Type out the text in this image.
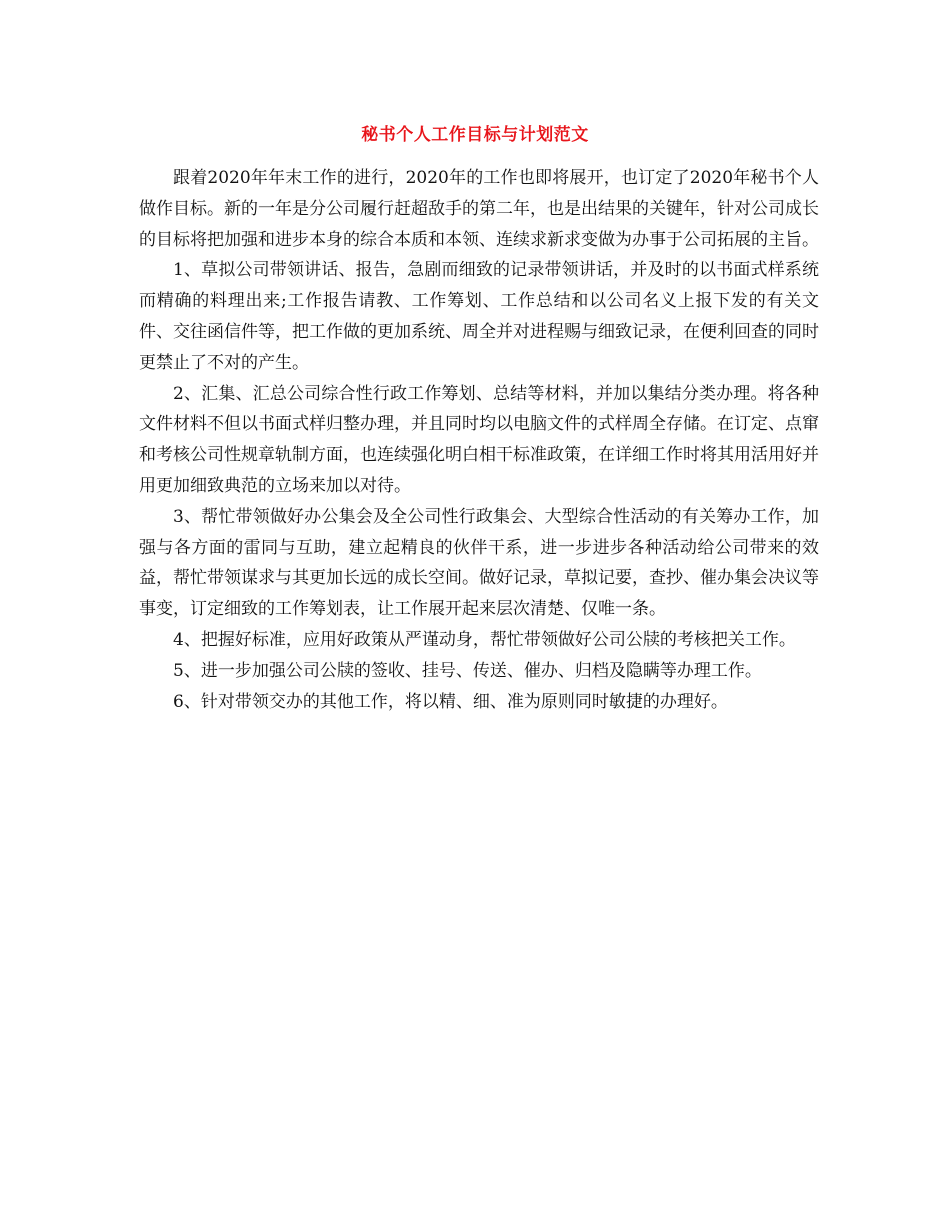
秘书个人工作目标与计划范文

跟着2020年年末工作的进行，2020年的工作也即将展开，也订定了2020年秘书个人做作目标。新的一年是分公司履行赶超敌手的第二年，也是出结果的关键年，针对公司成长的目标将把加强和进步本身的综合本质和本领、连续求新求变做为办事于公司拓展的主旨。

1、草拟公司带领讲话、报告，急剧而细致的记录带领讲话，并及时的以书面式样系统而精确的料理出来;工作报告请教、工作筹划、工作总结和以公司名义上报下发的有关文件、交往函信件等，把工作做的更加系统、周全并对进程赐与细致记录，在便利回查的同时更禁止了不对的产生。

2、汇集、汇总公司综合性行政工作筹划、总结等材料，并加以集结分类办理。将各种文件材料不但以书面式样归整办理，并且同时均以电脑文件的式样周全存储。在订定、点窜和考核公司性规章轨制方面，也连续强化明白相干标准政策，在详细工作时将其用活用好并用更加细致典范的立场来加以对待。

3、帮忙带领做好办公集会及全公司性行政集会、大型综合性活动的有关筹办工作，加强与各方面的雷同与互助，建立起精良的伙伴干系，进一步进步各种活动给公司带来的效益，帮忙带领谋求与其更加长远的成长空间。做好记录，草拟记要，查抄、催办集会决议等事变，订定细致的工作筹划表，让工作展开起来层次清楚、仅唯一条。

4、把握好标准，应用好政策从严谨动身，帮忙带领做好公司公牍的考核把关工作。

5、进一步加强公司公牍的签收、挂号、传送、催办、归档及隐瞒等办理工作。

6、针对带领交办的其他工作，将以精、细、准为原则同时敏捷的办理好。
